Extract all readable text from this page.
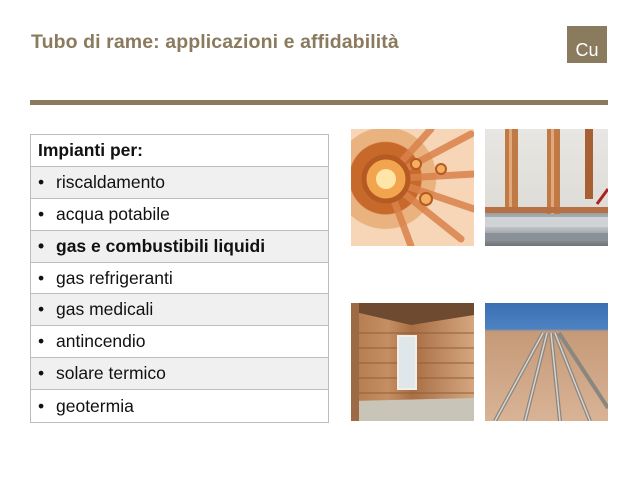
Tubo di rame: applicazioni e affidabilità	Cu
Impianti per:
• riscaldamento
• acqua potabile
• gas e combustibili liquidi
• gas refrigeranti
• gas medicali
• antincendio
• solare termico
• geotermia
